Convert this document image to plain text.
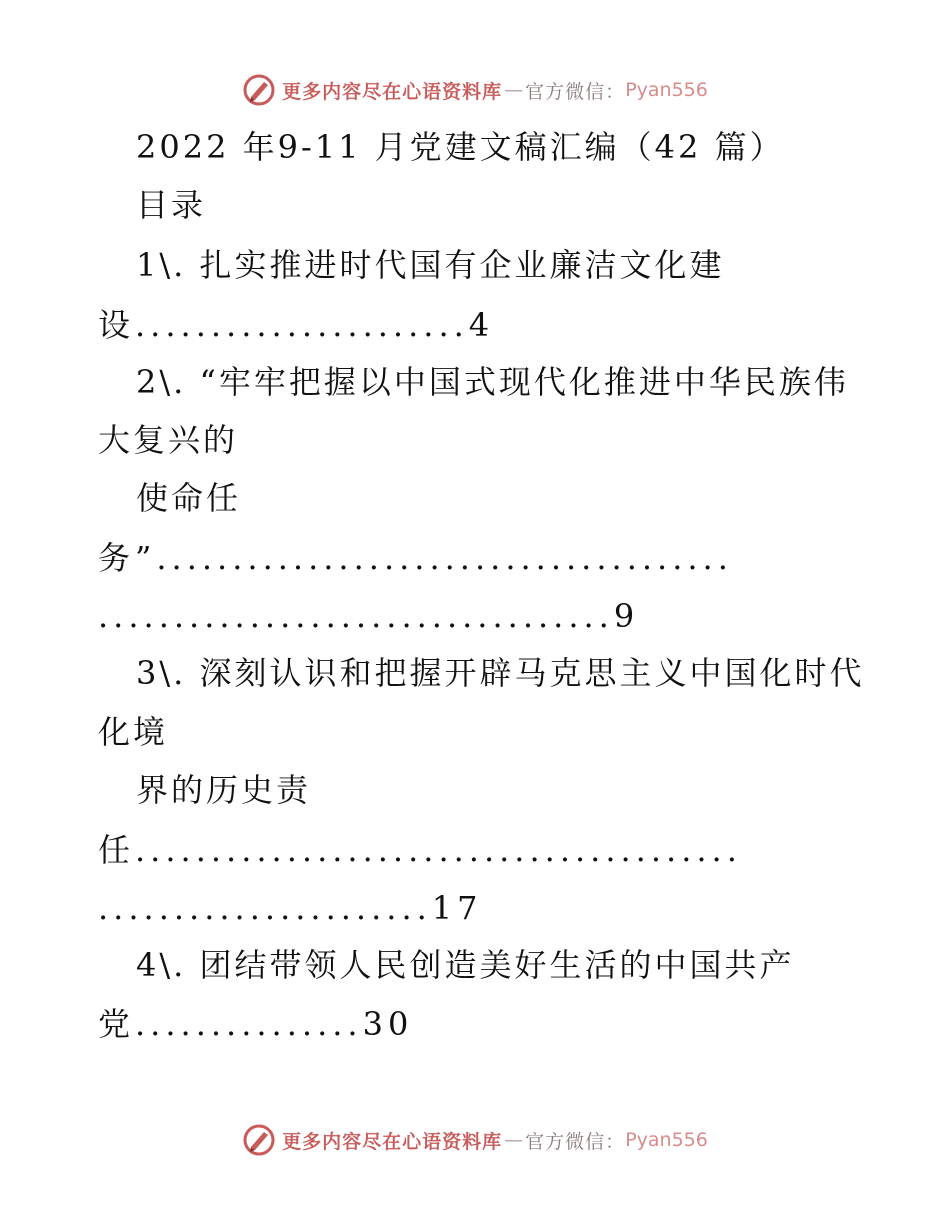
更多内容尽在心语资料库 — 官方微信： Pyan556
2022 年9-11 月党建文稿汇编（42 篇）
目录
1\. 扎实推进时代国有企业廉洁文化建
设......................4
2\. “牢牢把握以中国式现代化推进中华民族伟
大复兴的
使命任
务”......................................
..................................9
3\. 深刻认识和把握开辟马克思主义中国化时代
化境
界的历史责
任........................................
......................17
4\. 团结带领人民创造美好生活的中国共产
党...............30
更多内容尽在心语资料库 — 官方微信： Pyan556
